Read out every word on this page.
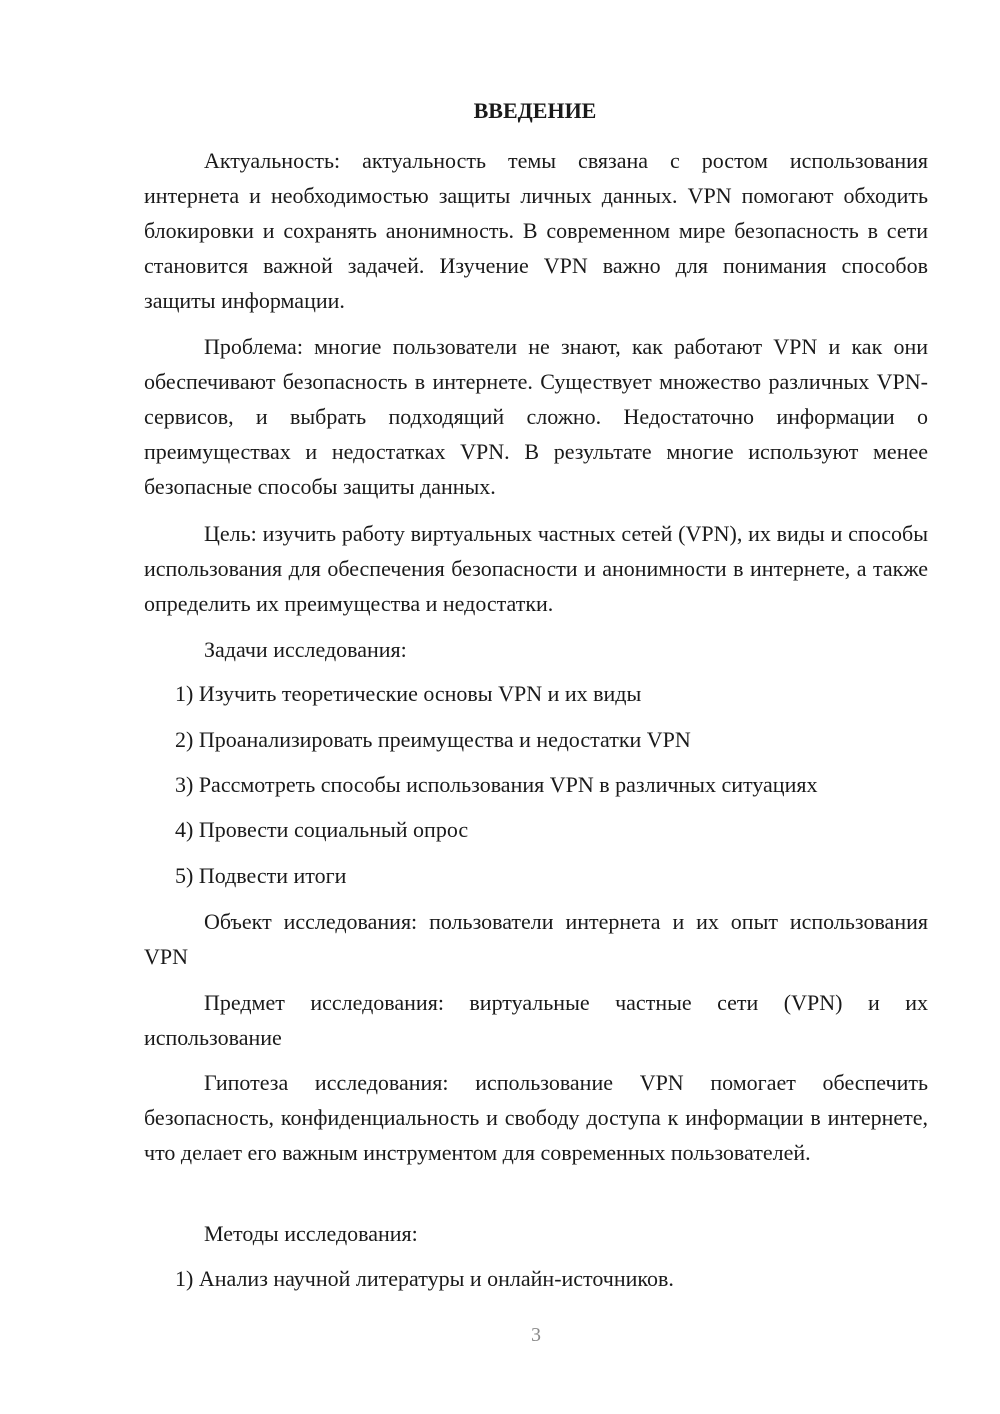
ВВЕДЕНИЕ

Актуальность: актуальность темы связана с ростом использования интернета и необходимостью защиты личных данных. VPN помогают обходить блокировки и сохранять анонимность. В современном мире безопасность в сети становится важной задачей. Изучение VPN важно для понимания способов защиты информации.

Проблема: многие пользователи не знают, как работают VPN и как они обеспечивают безопасность в интернете. Существует множество различных VPN-сервисов, и выбрать подходящий сложно. Недостаточно информации о преимуществах и недостатках VPN. В результате многие используют менее безопасные способы защиты данных.

Цель: изучить работу виртуальных частных сетей (VPN), их виды и способы использования для обеспечения безопасности и анонимности в интернете, а также определить их преимущества и недостатки.

Задачи исследования:

1) Изучить теоретические основы VPN и их виды
2) Проанализировать преимущества и недостатки VPN
3) Рассмотреть способы использования VPN в различных ситуациях
4) Провести социальный опрос
5) Подвести итоги

Объект исследования: пользователи интернета и их опыт использования VPN

Предмет исследования: виртуальные частные сети (VPN) и их использование

Гипотеза исследования: использование VPN помогает обеспечить безопасность, конфиденциальность и свободу доступа к информации в интернете, что делает его важным инструментом для современных пользователей.

Методы исследования:

1) Анализ научной литературы и онлайн-источников.
3
